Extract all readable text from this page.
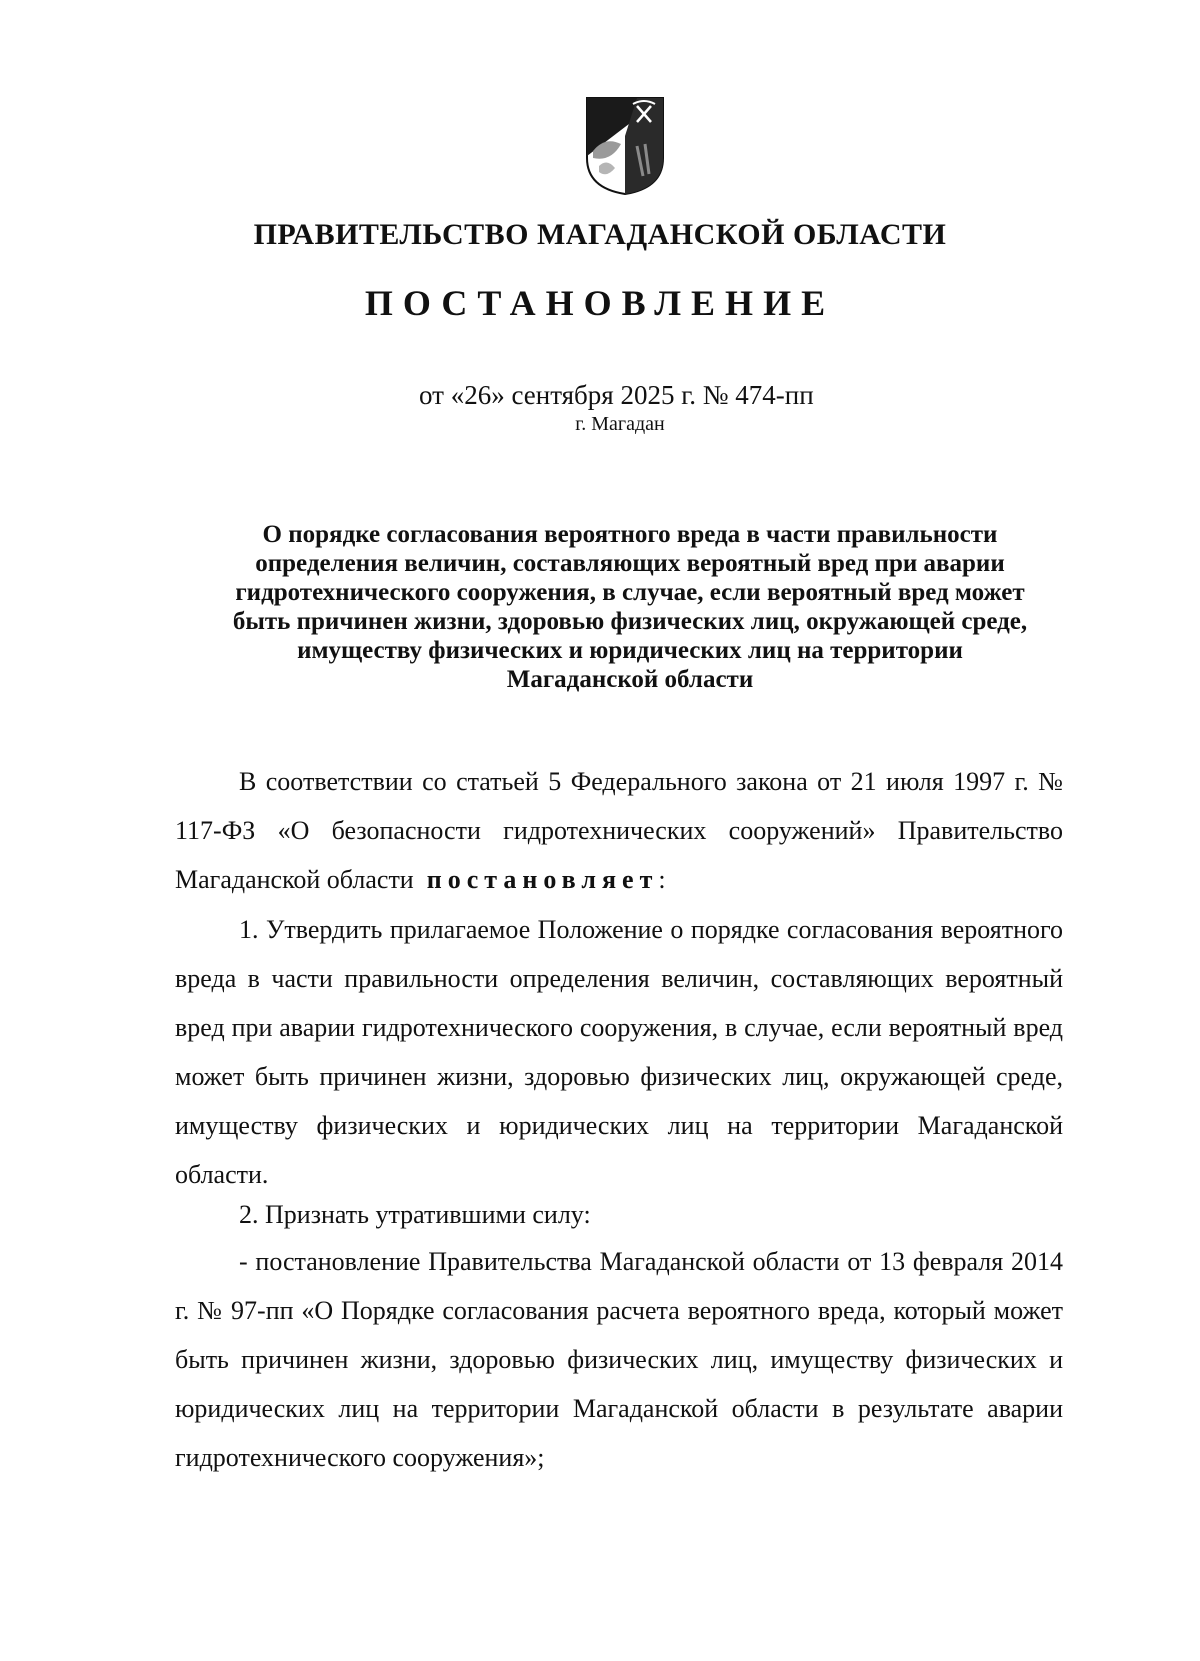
ПРАВИТЕЛЬСТВО МАГАДАНСКОЙ ОБЛАСТИ
ПОСТАНОВЛЕНИЕ
от «26» сентября 2025 г. № 474-пп
г. Магадан
О порядке согласования вероятного вреда в части правильности
определения величин, составляющих вероятный вред при аварии
гидротехнического сооружения, в случае, если вероятный вред может
быть причинен жизни, здоровью физических лиц, окружающей среде,
имуществу физических и юридических лиц на территории
Магаданской области

В соответствии со статьей 5 Федерального закона от 21 июля 1997 г. № 117-ФЗ «О безопасности гидротехнических сооружений» Правительство Магаданской области постановляет:

1. Утвердить прилагаемое Положение о порядке согласования вероятного вреда в части правильности определения величин, составляющих вероятный вред при аварии гидротехнического сооружения, в случае, если вероятный вред может быть причинен жизни, здоровью физических лиц, окружающей среде, имуществу физических и юридических лиц на территории Магаданской области.

2. Признать утратившими силу:

- постановление Правительства Магаданской области от 13 февраля 2014 г. № 97-пп «О Порядке согласования расчета вероятного вреда, который может быть причинен жизни, здоровью физических лиц, имуществу физических и юридических лиц на территории Магаданской области в результате аварии гидротехнического сооружения»;
